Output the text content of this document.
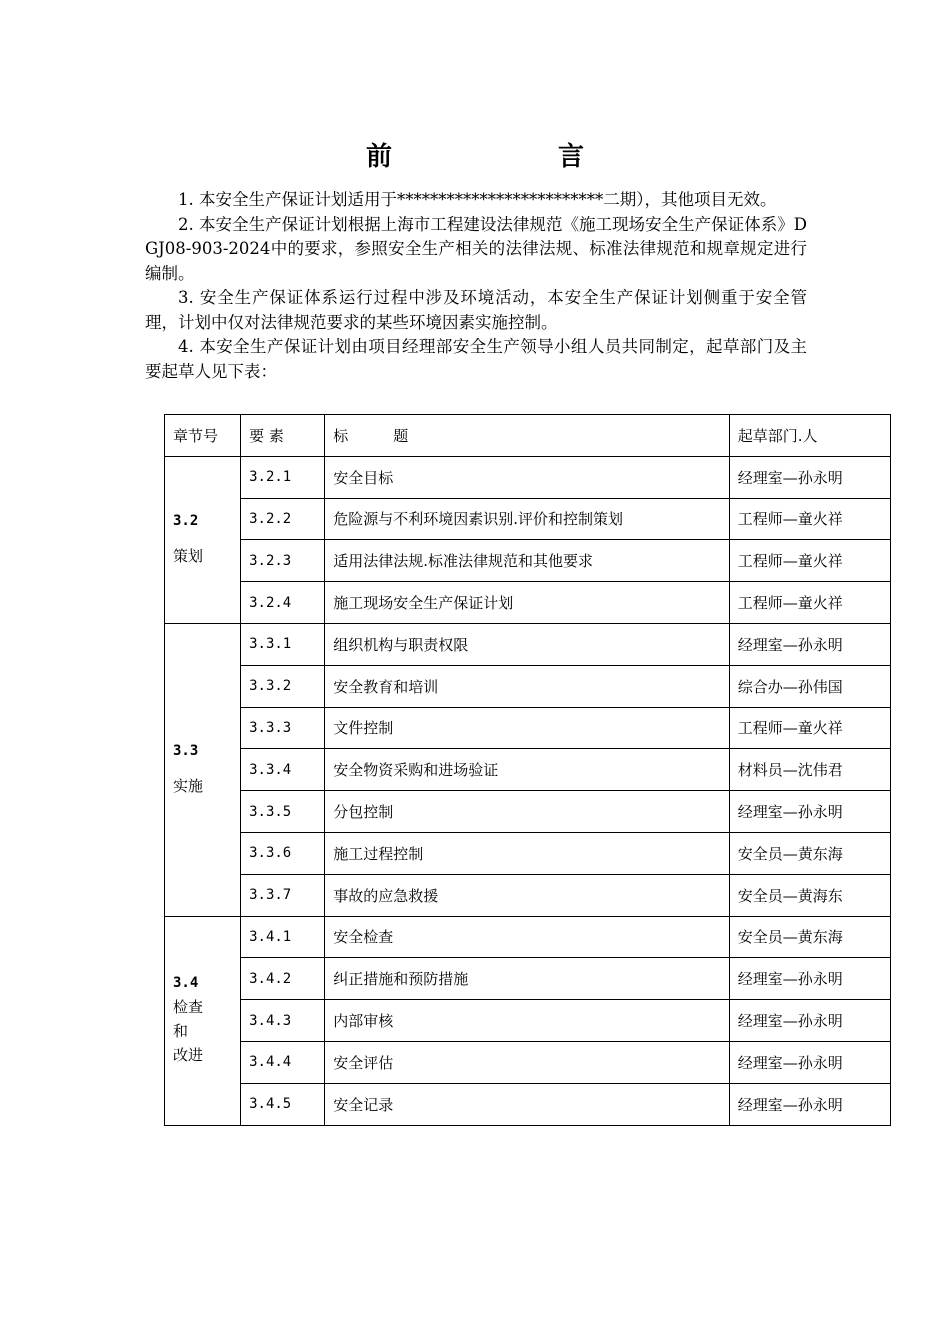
前　　言

1. 本安全生产保证计划适用于*************************二期），其他项目无效。

2. 本安全生产保证计划根据上海市工程建设法律规范《施工现场安全生产保证体系》DGJ08-903-2024中的要求，参照安全生产相关的法律法规、标准法律规范和规章规定进行编制。

3. 安全生产保证体系运行过程中涉及环境活动，本安全生产保证计划侧重于安全管理，计划中仅对法律规范要求的某些环境因素实施控制。

4. 本安全生产保证计划由项目经理部安全生产领导小组人员共同制定，起草部门及主要起草人见下表：

章节号	要 素	标　　　题	起草部门.人

3.2
策划	3.2.1	安全目标	经理室—孙永明
	3.2.2	危险源与不利环境因素识别.评价和控制策划	工程师—童火祥
	3.2.3	适用法律法规.标准法律规范和其他要求	工程师—童火祥
	3.2.4	施工现场安全生产保证计划	工程师—童火祥

3.3
实施	3.3.1	组织机构与职责权限	经理室—孙永明
	3.3.2	安全教育和培训	综合办—孙伟国
	3.3.3	文件控制	工程师—童火祥
	3.3.4	安全物资采购和进场验证	材料员—沈伟君
	3.3.5	分包控制	经理室—孙永明
	3.3.6	施工过程控制	安全员—黄东海
	3.3.7	事故的应急救援	安全员—黄海东

3.4
检查
和
改进	3.4.1	安全检查	安全员—黄东海
	3.4.2	纠正措施和预防措施	经理室—孙永明
	3.4.3	内部审核	经理室—孙永明
	3.4.4	安全评估	经理室—孙永明
	3.4.5	安全记录	经理室—孙永明
